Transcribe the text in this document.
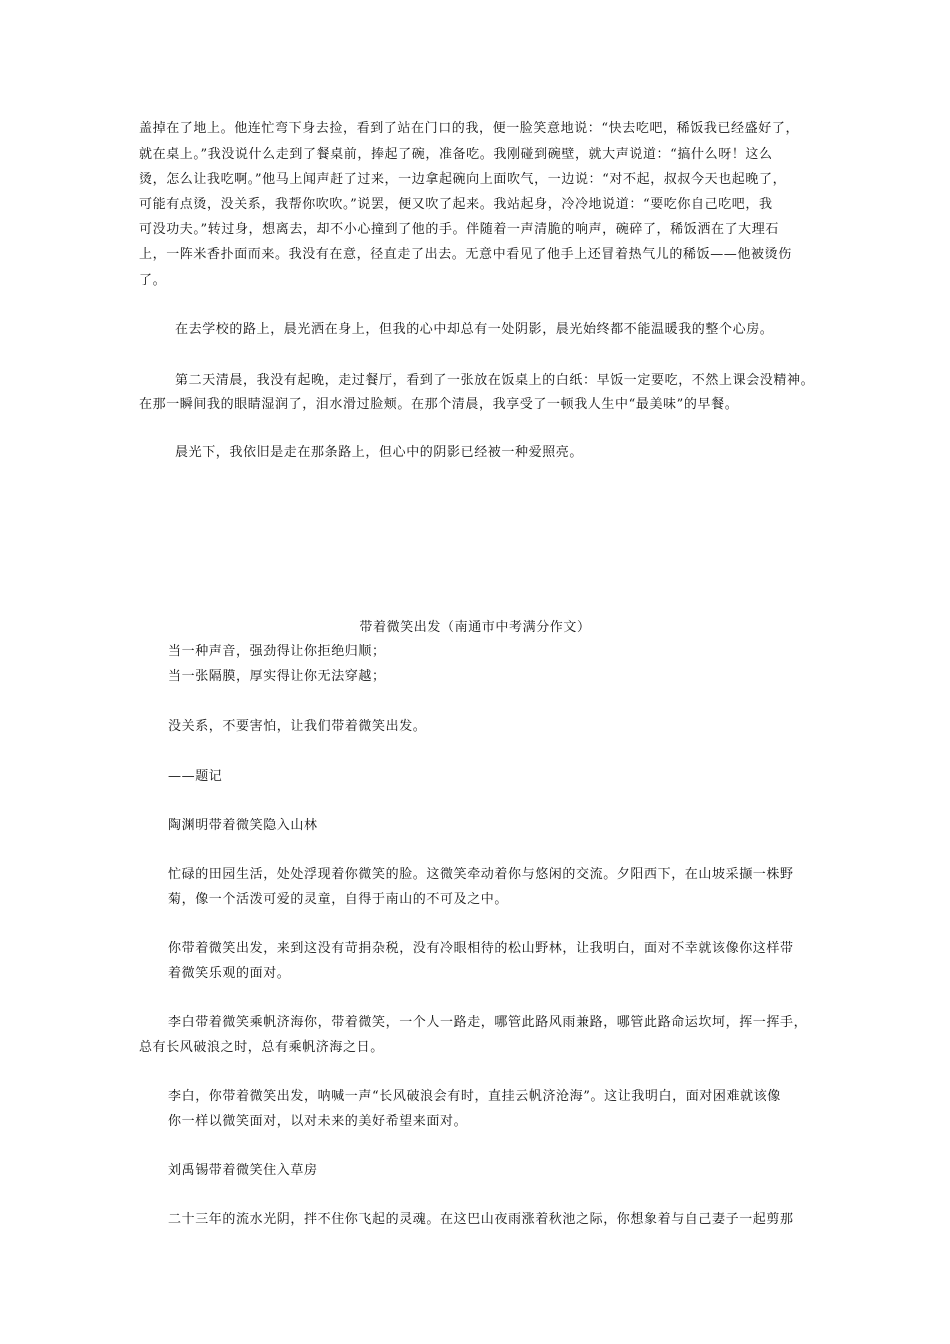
盖掉在了地上。他连忙弯下身去捡，看到了站在门口的我，便一脸笑意地说：“快去吃吧，稀饭我已经盛好了，
就在桌上。”我没说什么走到了餐桌前，捧起了碗，准备吃。我刚碰到碗壁，就大声说道：“搞什么呀！这么
烫，怎么让我吃啊。”他马上闻声赶了过来，一边拿起碗向上面吹气，一边说：“对不起，叔叔今天也起晚了，
可能有点烫，没关系，我帮你吹吹。”说罢，便又吹了起来。我站起身，冷冷地说道：“要吃你自己吃吧，我
可没功夫。”转过身，想离去，却不小心撞到了他的手。伴随着一声清脆的响声，碗碎了，稀饭洒在了大理石
上，一阵米香扑面而来。我没有在意，径直走了出去。无意中看见了他手上还冒着热气儿的稀饭——他被烫伤
了。
在去学校的路上，晨光洒在身上，但我的心中却总有一处阴影，晨光始终都不能温暖我的整个心房。
第二天清晨，我没有起晚，走过餐厅，看到了一张放在饭桌上的白纸：早饭一定要吃，不然上课会没精神。
在那一瞬间我的眼睛湿润了，泪水滑过脸颊。在那个清晨，我享受了一顿我人生中“最美味”的早餐。
晨光下，我依旧是走在那条路上，但心中的阴影已经被一种爱照亮。
带着微笑出发（南通市中考满分作文）
当一种声音，强劲得让你拒绝归顺；
当一张隔膜，厚实得让你无法穿越；
没关系，不要害怕，让我们带着微笑出发。
——题记
陶渊明带着微笑隐入山林
忙碌的田园生活，处处浮现着你微笑的脸。这微笑牵动着你与悠闲的交流。夕阳西下，在山坡采撷一株野
菊，像一个活泼可爱的灵童，自得于南山的不可及之中。
你带着微笑出发，来到这没有苛捐杂税，没有冷眼相待的松山野林，让我明白，面对不幸就该像你这样带
着微笑乐观的面对。
李白带着微笑乘帆济海你，带着微笑，一个人一路走，哪管此路风雨兼路，哪管此路命运坎坷，挥一挥手，
总有长风破浪之时，总有乘帆济海之日。
李白，你带着微笑出发，呐喊一声“长风破浪会有时，直挂云帆济沧海”。这让我明白，面对困难就该像
你一样以微笑面对，以对未来的美好希望来面对。
刘禹锡带着微笑住入草房
二十三年的流水光阴，拌不住你飞起的灵魂。在这巴山夜雨涨着秋池之际，你想象着与自己妻子一起剪那
